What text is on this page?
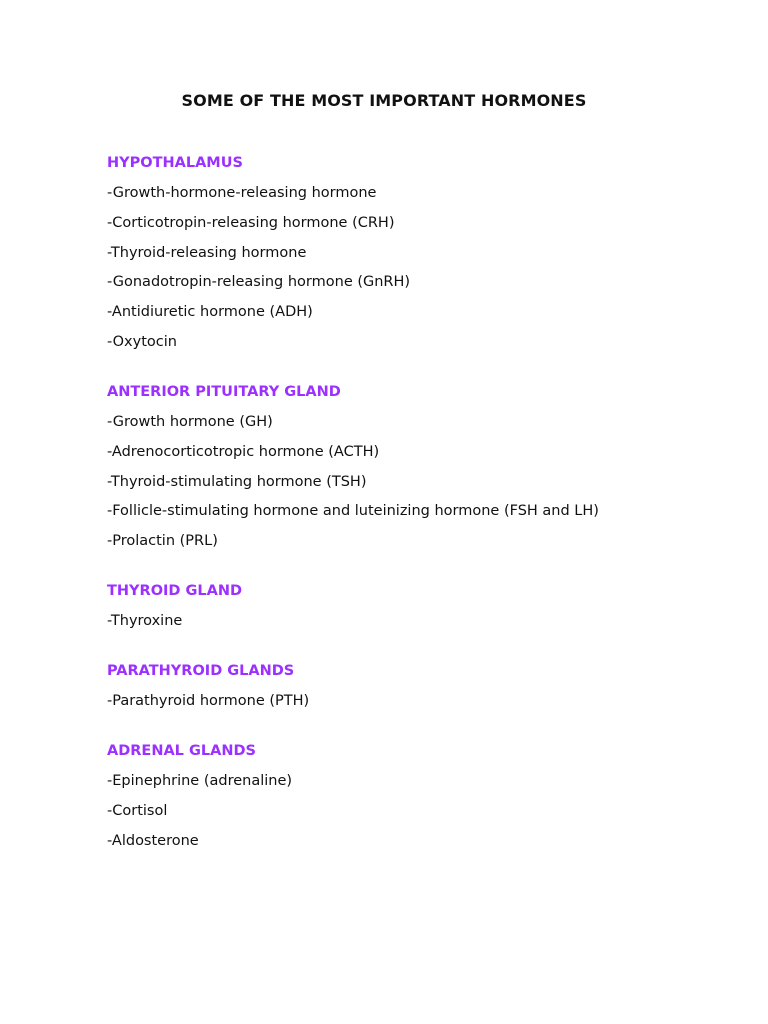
SOME OF THE MOST IMPORTANT HORMONES
HYPOTHALAMUS
-Growth-hormone-releasing hormone
-Corticotropin-releasing hormone (CRH)
-Thyroid-releasing hormone
-Gonadotropin-releasing hormone (GnRH)
-Antidiuretic hormone (ADH)
-Oxytocin
ANTERIOR PITUITARY GLAND
-Growth hormone (GH)
-Adrenocorticotropic hormone (ACTH)
-Thyroid-stimulating hormone (TSH)
-Follicle-stimulating hormone and luteinizing hormone (FSH and LH)
-Prolactin (PRL)
THYROID GLAND
-Thyroxine
PARATHYROID GLANDS
-Parathyroid hormone (PTH)
ADRENAL GLANDS
-Epinephrine (adrenaline)
-Cortisol
-Aldosterone
